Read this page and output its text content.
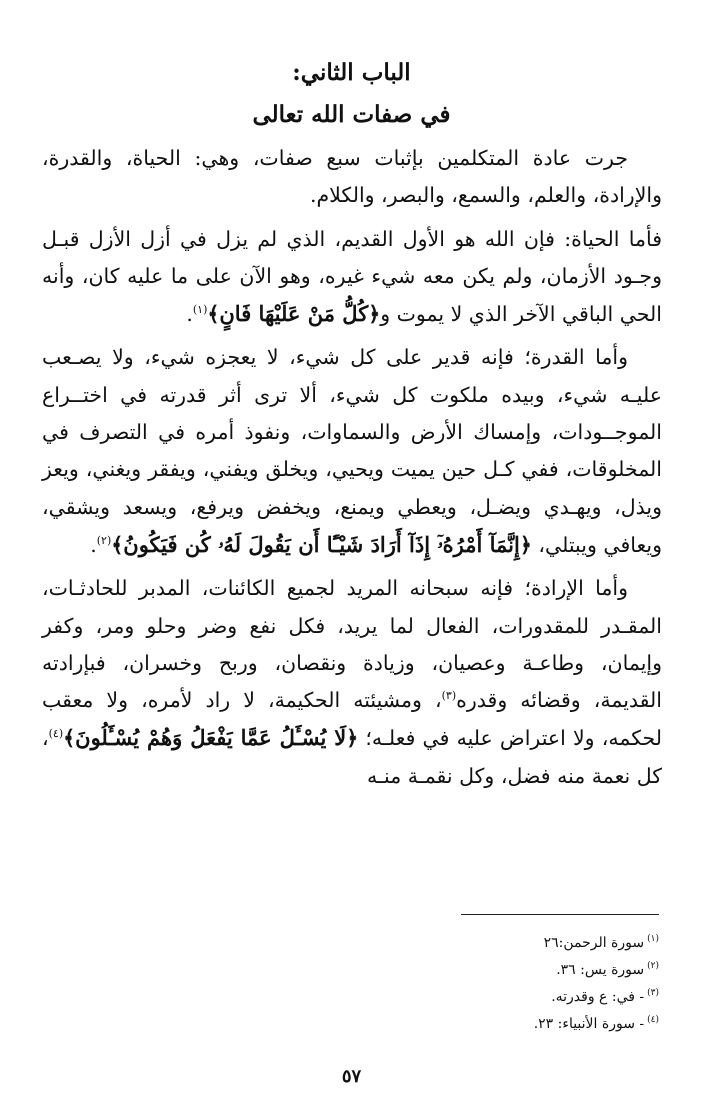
الباب الثاني:
في صفات الله تعالى

جرت عادة المتكلمين بإثبات سبع صفات، وهي: الحياة، والقدرة، والإرادة، والعلم، والسمع، والبصر، والكلام.

فأما الحياة: فإن الله هو الأول القديم، الذي لم يزل في أزل الأزل قبـل وجـود الأزمان، ولم يكن معه شيء غيره، وهو الآن على ما عليه كان، وأنه الحي الباقي الآخر الذي لا يموت و﴿كُلُّ مَنْ عَلَيْهَا فَانٍ﴾$^{(١)}$.

وأما القدرة؛ فإنه قدير على كل شيء، لا يعجزه شيء، ولا يصـعب عليـه شيء، وبيده ملكوت كل شيء، ألا ترى أثر قدرته في اختــراع الموجــودات، وإمساك الأرض والسماوات، ونفوذ أمره في التصرف في المخلوقات، ففي كـل حين يميت ويحيي، ويخلق ويفني، ويفقر ويغني، ويعز ويذل، ويهـدي ويضـل، ويعطي ويمنع، ويخفض ويرفع، ويسعد ويشقي، ويعافي ويبتلي، ﴿إِنَّمَآ أَمْرُهُۥٓ إِذَآ أَرَادَ شَيْـًٔا أَن يَقُولَ لَهُۥ كُن فَيَكُونُ﴾$^{(٢)}$.

وأما الإرادة؛ فإنه سبحانه المريد لجميع الكائنات، المدبر للحادثـات، المقـدر للمقدورات، الفعال لما يريد، فكل نفع وضر وحلو ومر، وكفر وإيمان، وطاعـة وعصيان، وزيادة ونقصان، وربح وخسران، فبإرادته القديمة، وقضائه وقدره$^{(٣)}$، ومشيئته الحكيمة، لا راد لأمره، ولا معقب لحكمه، ولا اعتراض عليه في فعلـه؛ ﴿لَا يُسْـَٔلُ عَمَّا يَفْعَلُ وَهُمْ يُسْـَٔلُونَ﴾$^{(٤)}$، كل نعمة منه فضل، وكل نقمـة منـه

$^{(١)}$سورة الرحمن:٢٦
$^{(٢)}$سورة يس: ٣٦.
$^{(٣)}$- في: ع وقدرته.
$^{(٤)}$- سورة الأنبياء: ٢٣.
٥٧
